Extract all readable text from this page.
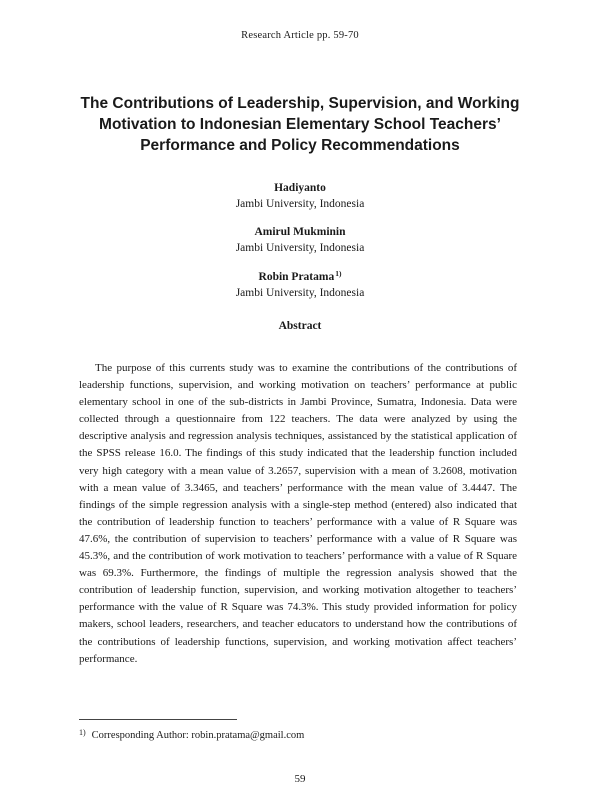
Research Article pp. 59-70
The Contributions of Leadership, Supervision, and Working Motivation to Indonesian Elementary School Teachers’ Performance and Policy Recommendations
Hadiyanto
Jambi University, Indonesia
Amirul Mukminin
Jambi University, Indonesia
Robin Pratama$^{1)}$
Jambi University, Indonesia
Abstract

The purpose of this currents study was to examine the contributions of the contributions of leadership functions, supervision, and working motivation on teachers’ performance at public elementary school in one of the sub-districts in Jambi Province, Sumatra, Indonesia. Data were collected through a questionnaire from 122 teachers. The data were analyzed by using the descriptive analysis and regression analysis techniques, assistanced by the statistical application of the SPSS release 16.0. The findings of this study indicated that the leadership function included very high category with a mean value of 3.2657, supervision with a mean of 3.2608, motivation with a mean value of 3.3465, and teachers’ performance with the mean value of 3.4447. The findings of the simple regression analysis with a single-step method (entered) also indicated that the contribution of leadership function to teachers’ performance with a value of R Square was 47.6%, the contribution of supervision to teachers’ performance with a value of R Square was 45.3%, and the contribution of work motivation to teachers’ performance with a value of R Square was 69.3%. Furthermore, the findings of multiple the regression analysis showed that the contribution of leadership function, supervision, and working motivation altogether to teachers’ performance with the value of R Square was 74.3%. This study provided information for policy makers, school leaders, researchers, and teacher educators to understand how the contributions of the contributions of leadership functions, supervision, and working motivation affect teachers’ performance.

$^{1)}$ Corresponding Author: robin.pratama@gmail.com
59
